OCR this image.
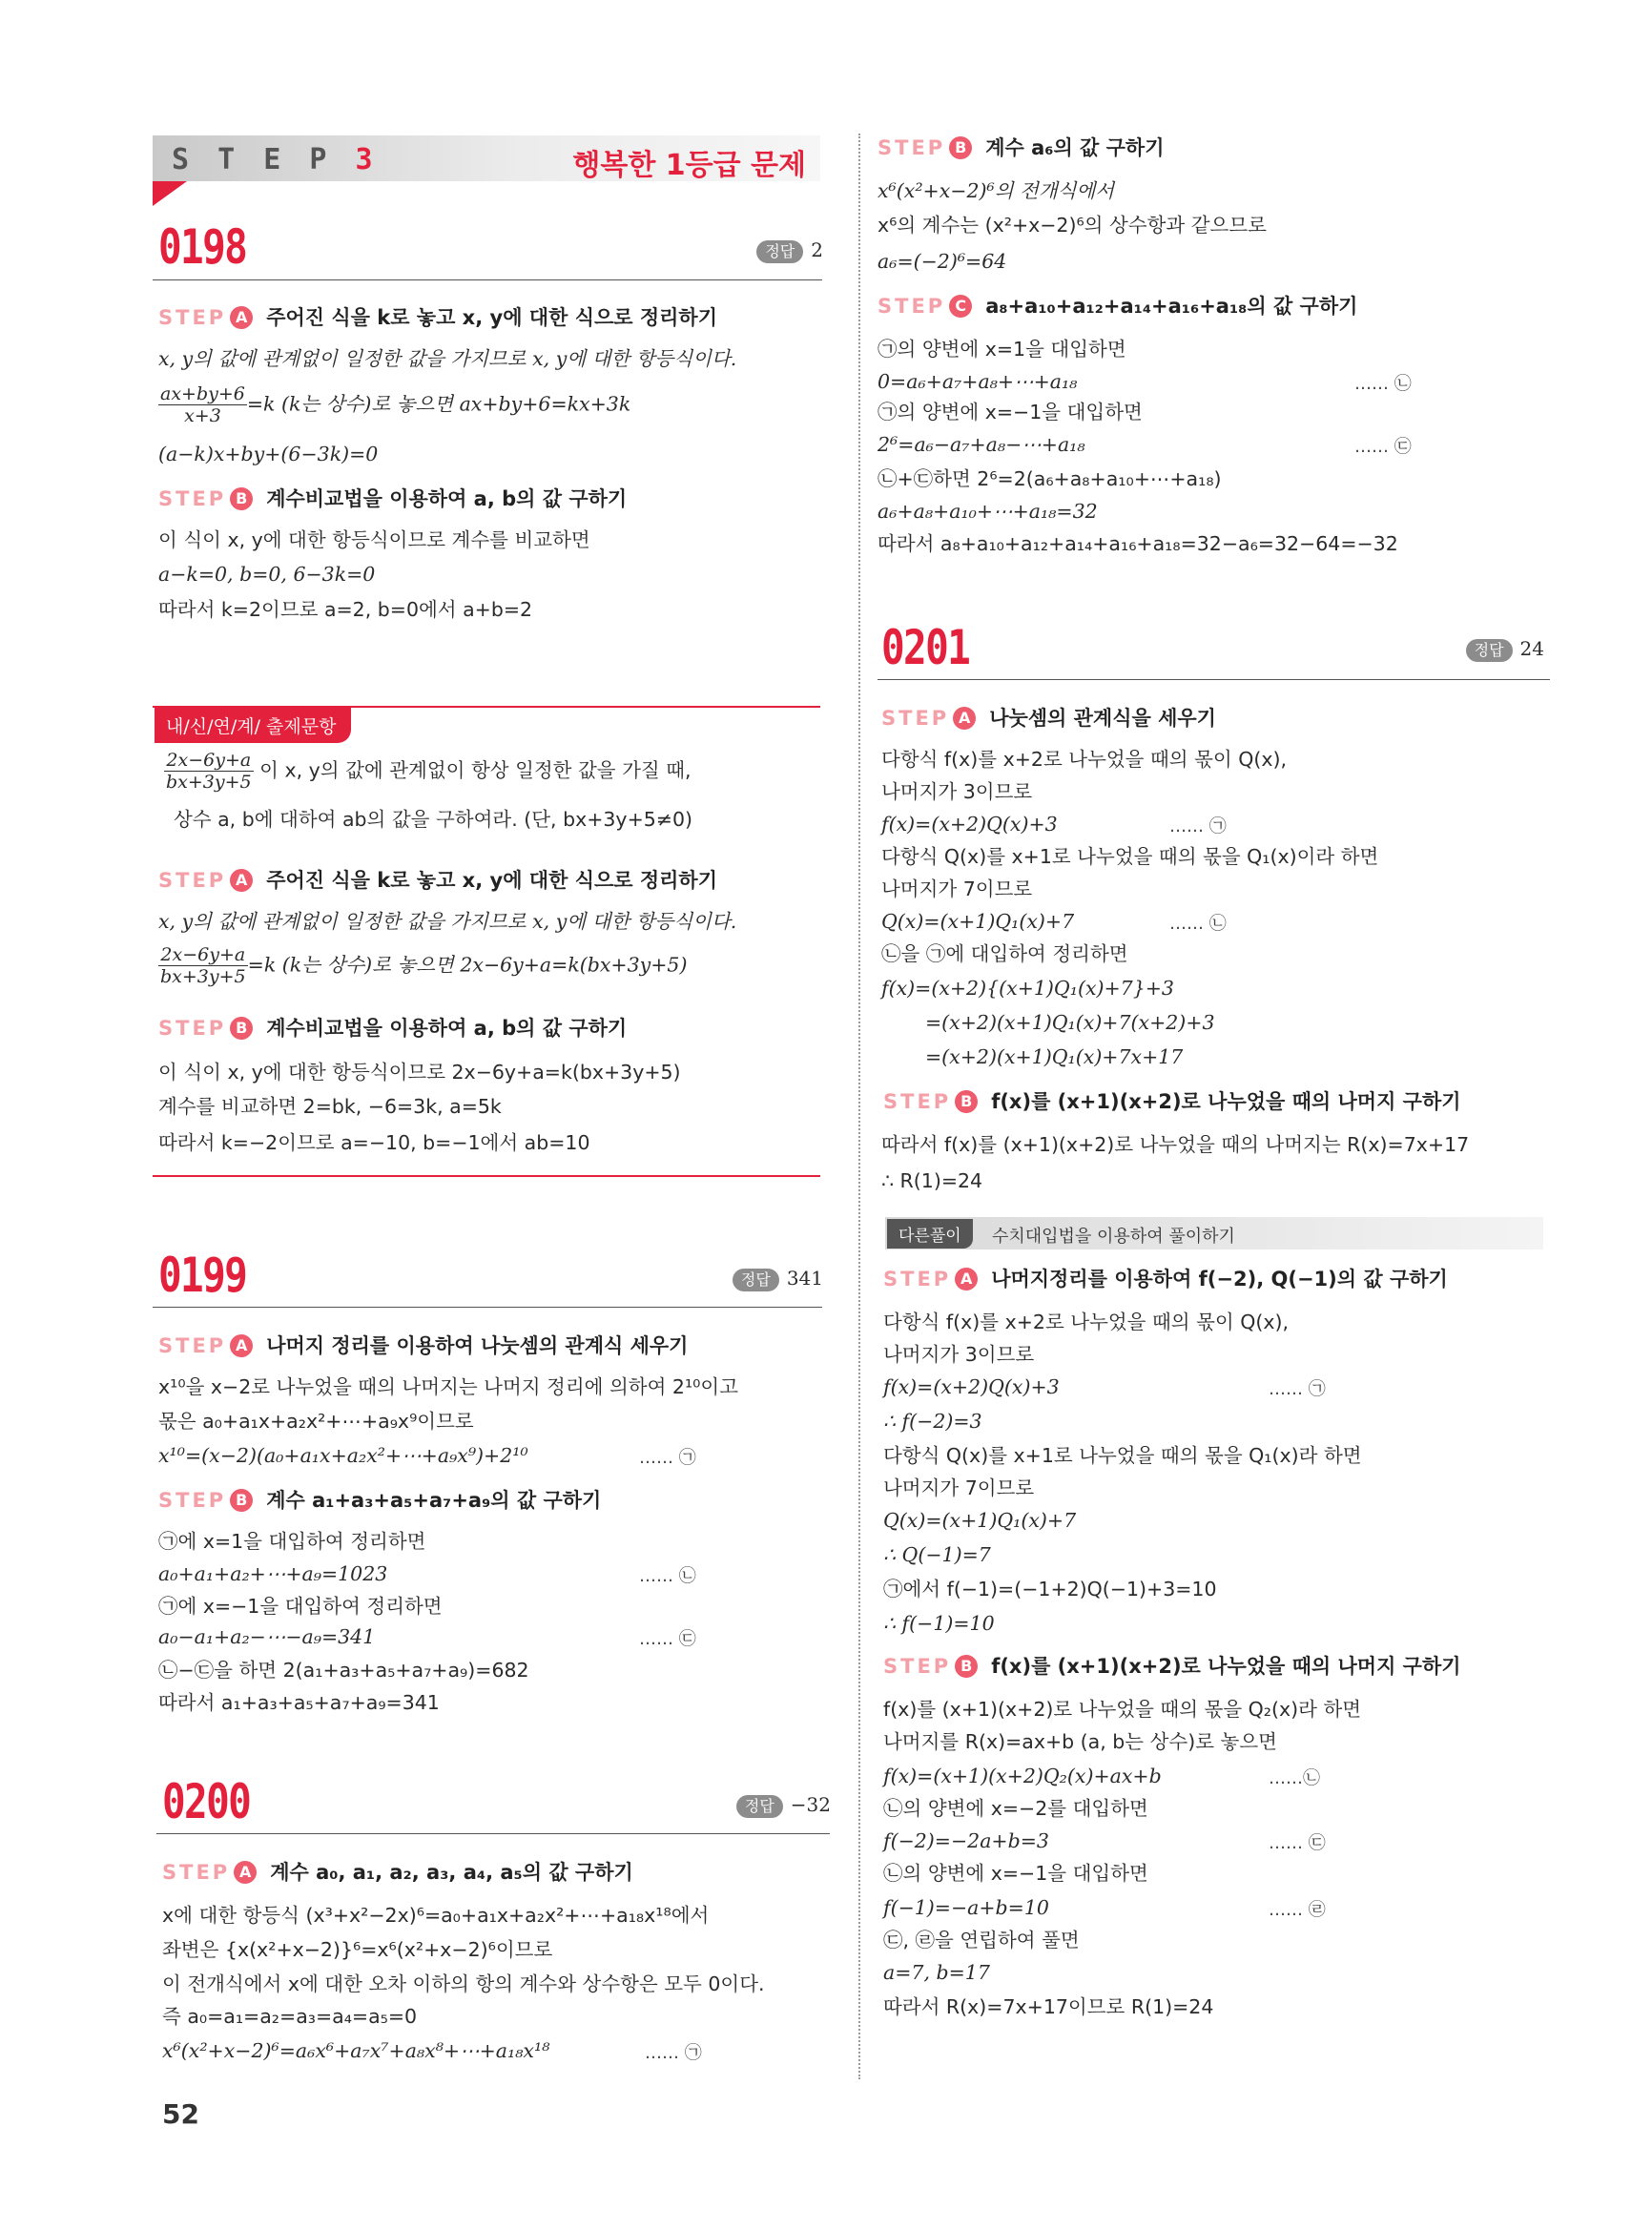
S T E P 3	행복한 1등급 문제
0198	정답 2
STEP A 주어진 식을 k로 놓고 x, y에 대한 식으로 정리하기
x, y의 값에 관계없이 일정한 값을 가지므로 x, y에 대한 항등식이다.
$\frac{ax+by+6}{x+3} =k$ (k는 상수)로 놓으면 ax+by+6=kx+3k
(a−k)x+by+(6−3k)=0
STEP B 계수비교법을 이용하여 a, b의 값 구하기
이 식이 x, y에 대한 항등식이므로 계수를 비교하면
a−k=0, b=0, 6−3k=0
따라서 k=2이므로 a=2, b=0에서 a+b=2
내/신/연/계/ 출제문항
$\frac{2x-6y+a}{bx+3y+5}$ 이 x, y의 값에 관계없이 항상 일정한 값을 가질 때,
상수 a, b에 대하여 ab의 값을 구하여라. (단, bx+3y+5≠0)
STEP A 주어진 식을 k로 놓고 x, y에 대한 식으로 정리하기
x, y의 값에 관계없이 일정한 값을 가지므로 x, y에 대한 항등식이다.
$\frac{2x-6y+a}{bx+3y+5} =k$ (k는 상수)로 놓으면 2x−6y+a=k(bx+3y+5)
STEP B 계수비교법을 이용하여 a, b의 값 구하기
이 식이 x, y에 대한 항등식이므로 2x−6y+a=k(bx+3y+5)
계수를 비교하면 2=bk, −6=3k, a=5k
따라서 k=−2이므로 a=−10, b=−1에서 ab=10
0199	정답 341
STEP A 나머지 정리를 이용하여 나눗셈의 관계식 세우기
x¹⁰을 x−2로 나누었을 때의 나머지는 나머지 정리에 의하여 2¹⁰이고
몫은 a₀+a₁x+a₂x²+⋯+a₉x⁹이므로
x¹⁰=(x−2)(a₀+a₁x+a₂x²+⋯+a₉x⁹)+2¹⁰	…… ㉠
STEP B 계수 a₁+a₃+a₅+a₇+a₉의 값 구하기
㉠에 x=1을 대입하여 정리하면
a₀+a₁+a₂+⋯+a₉=1023	…… ㉡
㉠에 x=−1을 대입하여 정리하면
a₀−a₁+a₂−⋯−a₉=341	…… ㉢
㉡−㉢을 하면 2(a₁+a₃+a₅+a₇+a₉)=682
따라서 a₁+a₃+a₅+a₇+a₉=341
0200	정답 −32
STEP A 계수 a₀, a₁, a₂, a₃, a₄, a₅의 값 구하기
x에 대한 항등식 (x³+x²−2x)⁶=a₀+a₁x+a₂x²+⋯+a₁₈x¹⁸에서
좌변은 {x(x²+x−2)}⁶=x⁶(x²+x−2)⁶이므로
이 전개식에서 x에 대한 오차 이하의 항의 계수와 상수항은 모두 0이다.
즉 a₀=a₁=a₂=a₃=a₄=a₅=0
x⁶(x²+x−2)⁶=a₆x⁶+a₇x⁷+a₈x⁸+⋯+a₁₈x¹⁸	…… ㉠
52
STEP B 계수 a₆의 값 구하기
x⁶(x²+x−2)⁶의 전개식에서
x⁶의 계수는 (x²+x−2)⁶의 상수항과 같으므로
a₆=(−2)⁶=64
STEP C a₈+a₁₀+a₁₂+a₁₄+a₁₆+a₁₈의 값 구하기
㉠의 양변에 x=1을 대입하면
0=a₆+a₇+a₈+⋯+a₁₈	…… ㉡
㉠의 양변에 x=−1을 대입하면
2⁶=a₆−a₇+a₈−⋯+a₁₈	…… ㉢
㉡+㉢하면 2⁶=2(a₆+a₈+a₁₀+⋯+a₁₈)
a₆+a₈+a₁₀+⋯+a₁₈=32
따라서 a₈+a₁₀+a₁₂+a₁₄+a₁₆+a₁₈=32−a₆=32−64=−32
0201	정답 24
STEP A 나눗셈의 관계식을 세우기
다항식 f(x)를 x+2로 나누었을 때의 몫이 Q(x),
나머지가 3이므로
f(x)=(x+2)Q(x)+3	…… ㉠
다항식 Q(x)를 x+1로 나누었을 때의 몫을 Q₁(x)이라 하면
나머지가 7이므로
Q(x)=(x+1)Q₁(x)+7	…… ㉡
㉡을 ㉠에 대입하여 정리하면
f(x)=(x+2){(x+1)Q₁(x)+7}+3
=(x+2)(x+1)Q₁(x)+7(x+2)+3
=(x+2)(x+1)Q₁(x)+7x+17
STEP B f(x)를 (x+1)(x+2)로 나누었을 때의 나머지 구하기
따라서 f(x)를 (x+1)(x+2)로 나누었을 때의 나머지는 R(x)=7x+17
∴ R(1)=24
다른풀이	수치대입법을 이용하여 풀이하기
STEP A 나머지정리를 이용하여 f(−2), Q(−1)의 값 구하기
다항식 f(x)를 x+2로 나누었을 때의 몫이 Q(x),
나머지가 3이므로
f(x)=(x+2)Q(x)+3	…… ㉠
∴ f(−2)=3
다항식 Q(x)를 x+1로 나누었을 때의 몫을 Q₁(x)라 하면
나머지가 7이므로
Q(x)=(x+1)Q₁(x)+7
∴ Q(−1)=7
㉠에서 f(−1)=(−1+2)Q(−1)+3=10
∴ f(−1)=10
STEP B f(x)를 (x+1)(x+2)로 나누었을 때의 나머지 구하기
f(x)를 (x+1)(x+2)로 나누었을 때의 몫을 Q₂(x)라 하면
나머지를 R(x)=ax+b (a, b는 상수)로 놓으면
f(x)=(x+1)(x+2)Q₂(x)+ax+b	……㉡
㉡의 양변에 x=−2를 대입하면
f(−2)=−2a+b=3	…… ㉢
㉡의 양변에 x=−1을 대입하면
f(−1)=−a+b=10	…… ㉣
㉢, ㉣을 연립하여 풀면
a=7, b=17
따라서 R(x)=7x+17이므로 R(1)=24
